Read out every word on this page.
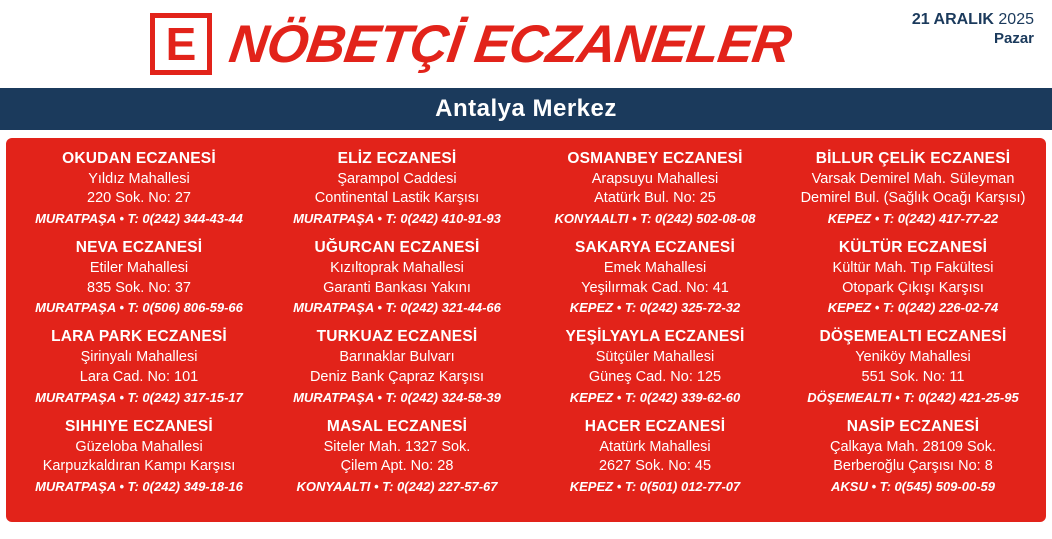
E NÖBETÇİ ECZANELER	21 ARALIK 2025
Pazar
Antalya Merkez
OKUDAN ECZANESİ
Yıldız Mahallesi
220 Sok. No: 27
MURATPAŞA • T: 0(242) 344-43-44
NEVA ECZANESİ
Etiler Mahallesi
835 Sok. No: 37
MURATPAŞA • T: 0(506) 806-59-66
LARA PARK ECZANESİ
Şirinyalı Mahallesi
Lara Cad. No: 101
MURATPAŞA • T: 0(242) 317-15-17
SIHHIYE ECZANESİ
Güzeloba Mahallesi
Karpuzkaldıran Kampı Karşısı
MURATPAŞA • T: 0(242) 349-18-16
ELİZ ECZANESİ
Şarampol Caddesi
Continental Lastik Karşısı
MURATPAŞA • T: 0(242) 410-91-93
UĞURCAN ECZANESİ
Kızıltoprak Mahallesi
Garanti Bankası Yakını
MURATPAŞA • T: 0(242) 321-44-66
TURKUAZ ECZANESİ
Barınaklar Bulvarı
Deniz Bank Çapraz Karşısı
MURATPAŞA • T: 0(242) 324-58-39
MASAL ECZANESİ
Siteler Mah. 1327 Sok.
Çilem Apt. No: 28
KONYAALTI • T: 0(242) 227-57-67
OSMANBEY ECZANESİ
Arapsuyu Mahallesi
Atatürk Bul. No: 25
KONYAALTI • T: 0(242) 502-08-08
SAKARYA ECZANESİ
Emek Mahallesi
Yeşilırmak Cad. No: 41
KEPEZ • T: 0(242) 325-72-32
YEŞİLYAYLA ECZANESİ
Sütçüler Mahallesi
Güneş Cad. No: 125
KEPEZ • T: 0(242) 339-62-60
HACER ECZANESİ
Atatürk Mahallesi
2627 Sok. No: 45
KEPEZ • T: 0(501) 012-77-07
BİLLUR ÇELİK ECZANESİ
Varsak Demirel Mah. Süleyman
Demirel Bul. (Sağlık Ocağı Karşısı)
KEPEZ • T: 0(242) 417-77-22
KÜLTÜR ECZANESİ
Kültür Mah. Tıp Fakültesi
Otopark Çıkışı Karşısı
KEPEZ • T: 0(242) 226-02-74
DÖŞEMEALTI ECZANESİ
Yeniköy Mahallesi
551 Sok. No: 11
DÖŞEMEALTI • T: 0(242) 421-25-95
NASİP ECZANESİ
Çalkaya Mah. 28109 Sok.
Berberoğlu Çarşısı No: 8
AKSU • T: 0(545) 509-00-59
